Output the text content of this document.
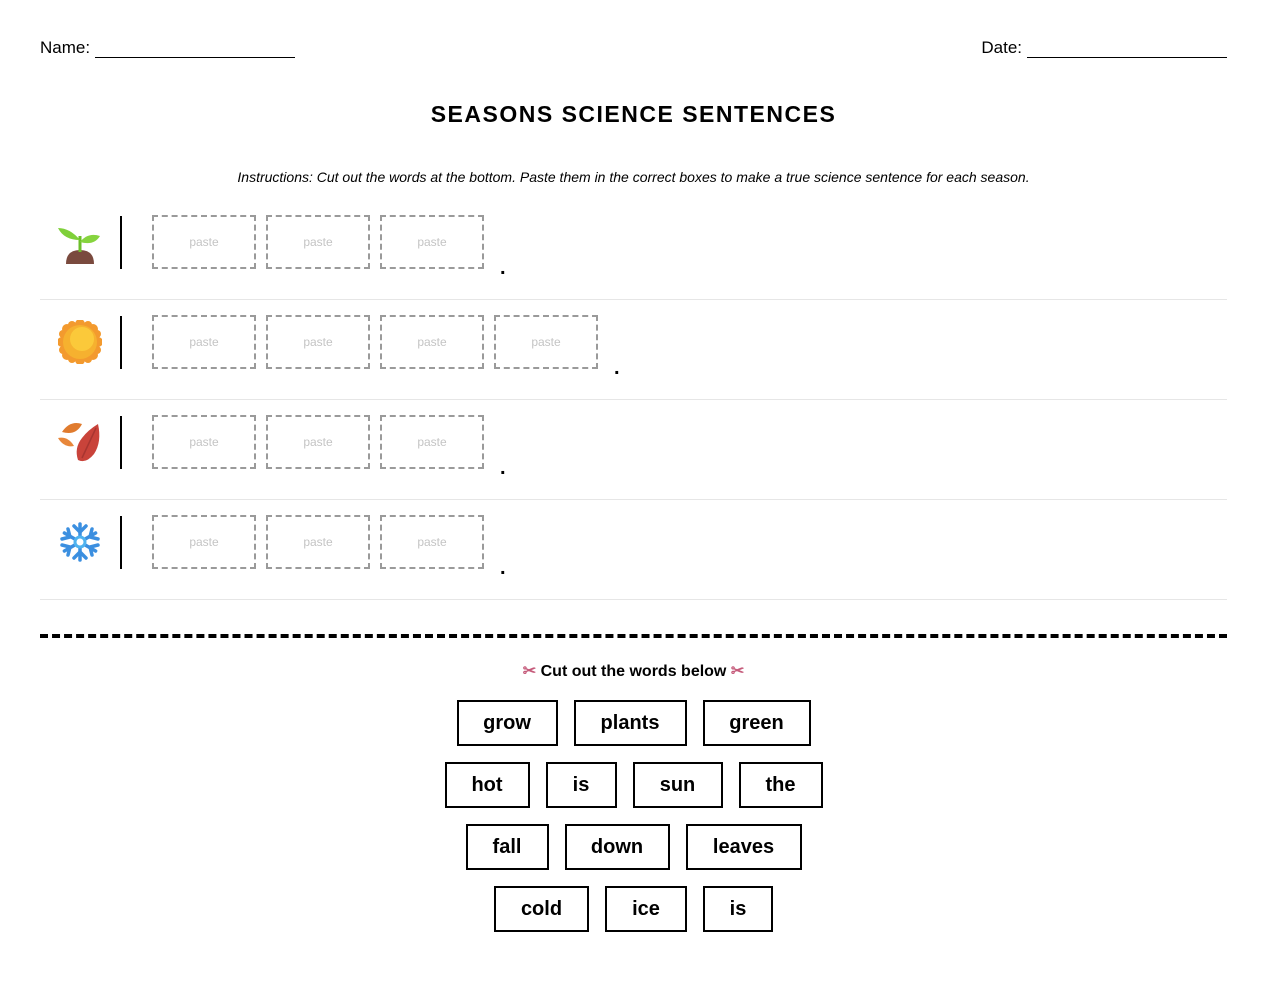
Name:	Date:
SEASONS SCIENCE SENTENCES
Instructions: Cut out the words at the bottom. Paste them in the correct boxes to make a true science sentence for each season.
paste	paste	paste
.
paste	paste	paste	paste
.
paste	paste	paste
.
paste	paste	paste
.
✂ Cut out the words below ✂
grow	plants	green
hot	is	sun	the
fall	down	leaves
cold	ice	is
